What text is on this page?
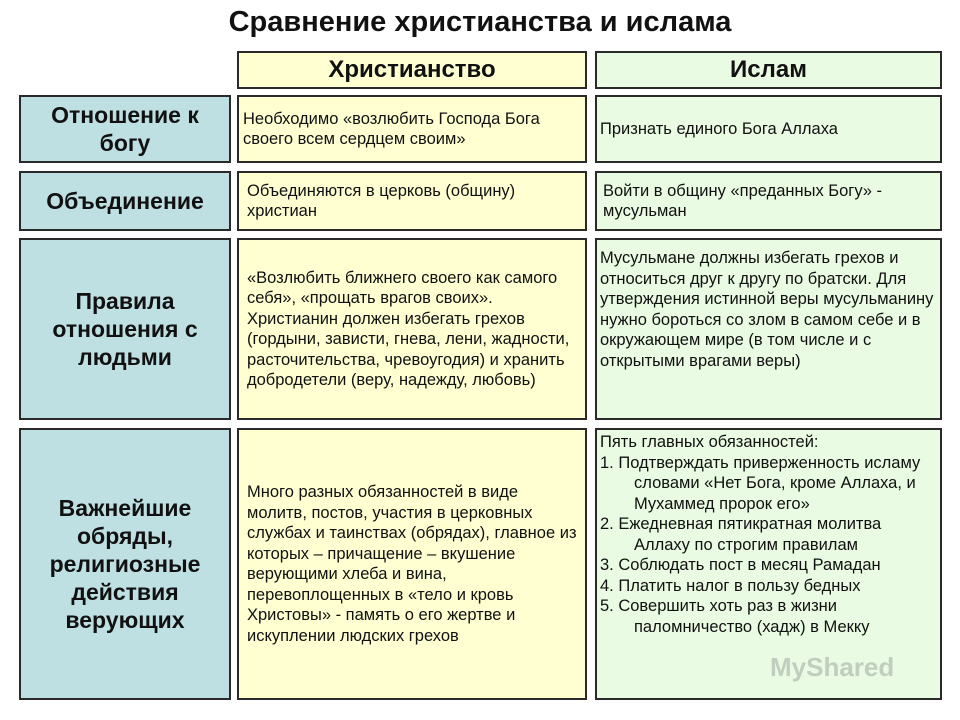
Сравнение христианства и ислама
Христианство	Ислам
Отношение к богу
Необходимо «возлюбить Господа Бога своего всем сердцем своим»
Признать единого Бога Аллаха
Объединение	Объединяются в церковь (общину) христиан
Войти в общину «преданных Богу» - мусульман
Правила отношения с людьми
«Возлюбить ближнего своего как самого себя», «прощать врагов своих». Христианин должен избегать грехов (гордыни, зависти, гнева, лени, жадности, расточительства, чревоугодия) и хранить добродетели (веру, надежду, любовь)
Мусульмане должны избегать грехов и относиться друг к другу по братски. Для утверждения истинной веры мусульманину нужно бороться со злом в самом себе и в окружающем мире (в том числе и с открытыми врагами веры)
Важнейшие обряды, религиозные действия верующих
Много разных обязанностей в виде молитв, постов, участия в церковных службах и таинствах (обрядах), главное из которых – причащение – вкушение верующими хлеба и вина, перевоплощенных в «тело и кровь Христовы» - память о его жертве и искуплении людских грехов
Пять главных обязанностей:
1. Подтверждать приверженность исламу словами «Нет Бога, кроме Аллаха, и Мухаммед пророк его»
2. Ежедневная пятикратная молитва Аллаху по строгим правилам
3. Соблюдать пост в месяц Рамадан
4. Платить налог в пользу бедных
5. Совершить хоть раз в жизни паломничество (хадж) в Мекку
MyShared
